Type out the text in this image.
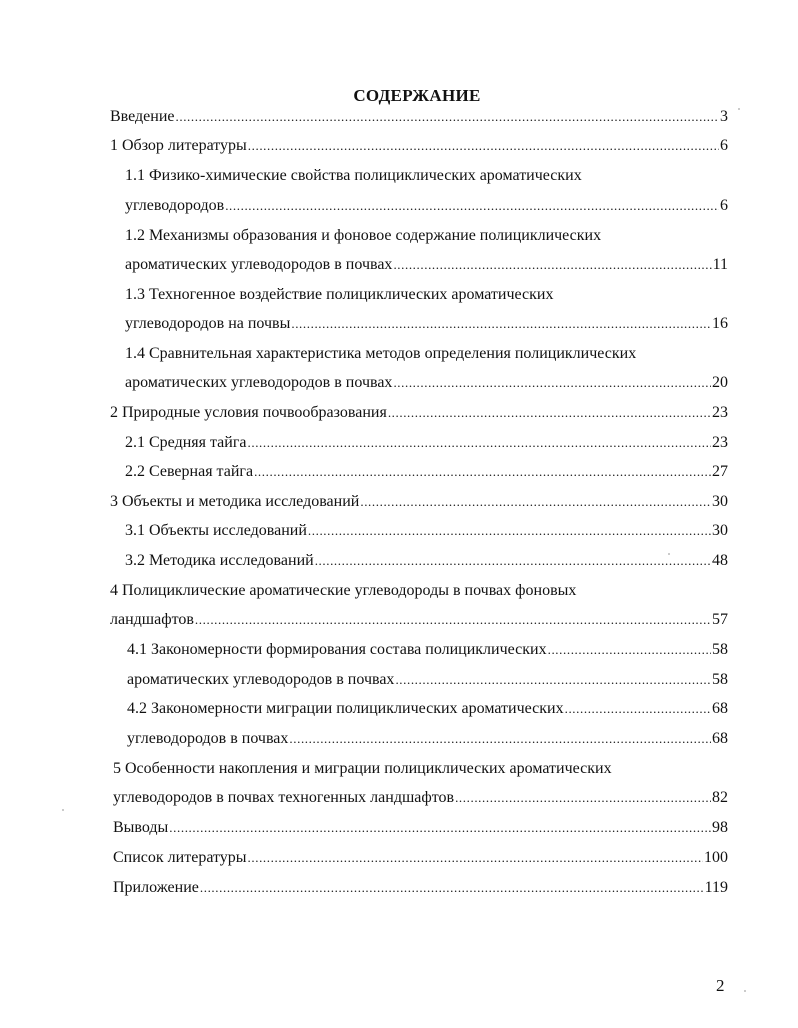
СОДЕРЖАНИЕ
Введение .....	3
1 Обзор литературы .....	6
1.1 Физико-химические свойства полициклических ароматических
углеводородов .....	6
1.2 Механизмы образования и фоновое содержание полициклических
ароматических углеводородов в почвах .....	11
1.3 Техногенное воздействие полициклических ароматических
углеводородов на почвы .....	16
1.4 Сравнительная характеристика методов определения полициклических
ароматических углеводородов в почвах .....	20
2 Природные условия почвообразования .....	23
2.1 Средняя тайга .....	23
2.2 Северная тайга .....	27
3 Объекты и методика исследований .....	30
3.1 Объекты исследований .....	30
3.2 Методика исследований .....	48
4 Полициклические ароматические углеводороды в почвах фоновых
ландшафтов .....	57
4.1 Закономерности формирования состава полициклических .....	58
ароматических углеводородов в почвах .....	58
4.2 Закономерности миграции полициклических ароматических .....	68
углеводородов в почвах .....	68
5 Особенности накопления и миграции полициклических ароматических
углеводородов в почвах техногенных ландшафтов .....	82
Выводы .....	98
Список литературы .....	100
Приложение .....	119
2
